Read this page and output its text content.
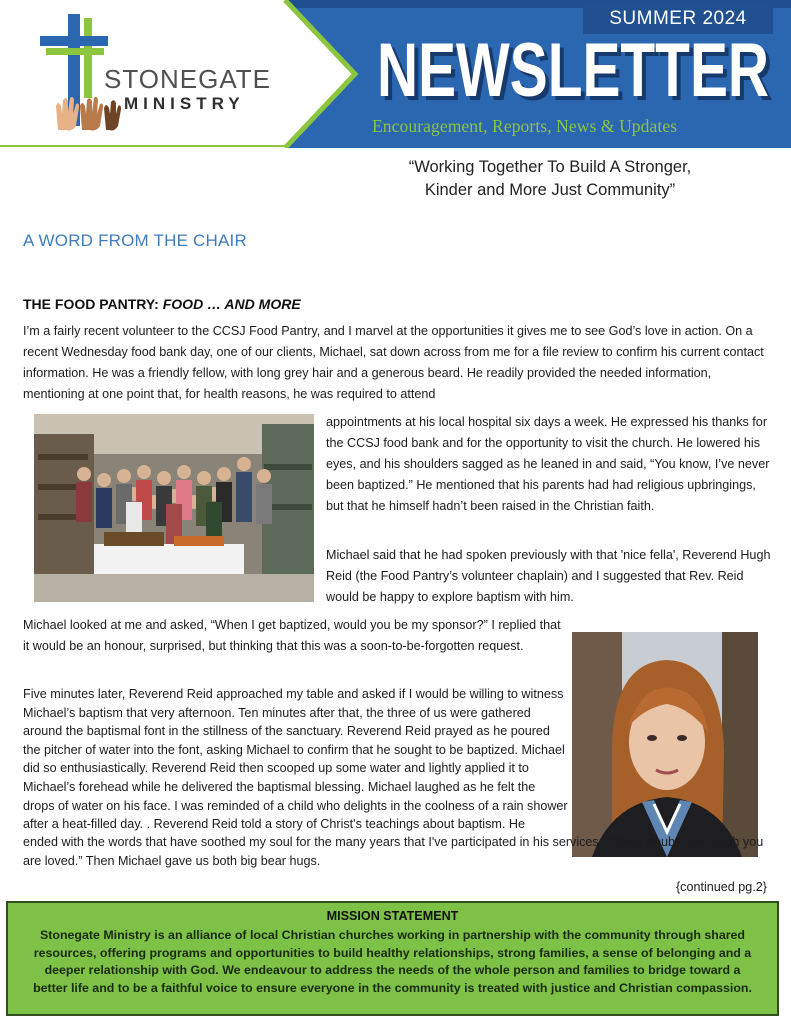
STONEGATE
MINISTRY
SUMMER 2024
NEWSLETTER
NEWSLETTER
Encouragement, Reports, News & Updates
“Working Together To Build A Stronger,
Kinder and More Just Community”
A WORD FROM THE CHAIR
THE FOOD PANTRY: FOOD … AND MORE
I’m a fairly recent volunteer to the CCSJ Food Pantry, and I marvel at the opportunities it gives me to see God’s love in action. On a recent Wednesday food bank day, one of our clients, Michael, sat down across from me for a file review to confirm his current contact information. He was a friendly fellow, with long grey hair and a generous beard. He readily provided the needed information, mentioning at one point that, for health reasons, he was required to attend
appointments at his local hospital six days a week. He expressed his thanks for the CCSJ food bank and for the opportunity to visit the church. He lowered his eyes, and his shoulders sagged as he leaned in and said, “You know, I’ve never been baptized.” He mentioned that his parents had had religious upbringings, but that he himself hadn’t been raised in the Christian faith.
Michael said that he had spoken previously with that 'nice fella', Reverend Hugh Reid (the Food Pantry’s volunteer chaplain) and I suggested that Rev. Reid would be happy to explore baptism with him.
Michael looked at me and asked, “When I get baptized, would you be my sponsor?” I replied that it would be an honour, surprised, but thinking that this was a soon-to-be-forgotten request.
Five minutes later, Reverend Reid approached my table and asked if I would be willing to witness Michael’s baptism that very afternoon. Ten minutes after that, the three of us were gathered around the baptismal font in the stillness of the sanctuary. Reverend Reid prayed as he poured the pitcher of water into the font, asking Michael to confirm that he sought to be baptized. Michael did so enthusiastically. Reverend Reid then scooped up some water and lightly applied it to Michael’s forehead while he delivered the baptismal blessing. Michael laughed as he felt the drops of water on his face. I was reminded of a child who delights in the coolness of a rain shower after a heat-filled day. . Reverend Reid told a story of Christ's teachings about baptism. He
ended with the words that have soothed my soul for the many years that I've participated in his services: “Never doubt how much you are loved.” Then Michael gave us both big bear hugs.
{continued pg.2}
MISSION STATEMENT
Stonegate Ministry is an alliance of local Christian churches working in partnership with the community through shared resources, offering programs and opportunities to build healthy relationships, strong families, a sense of belonging and a deeper relationship with God. We endeavour to address the needs of the whole person and families to bridge toward a better life and to be a faithful voice to ensure everyone in the community is treated with justice and Christian compassion.
